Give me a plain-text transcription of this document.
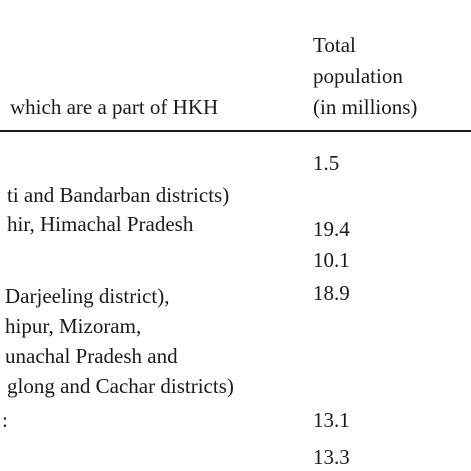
which are a part of HKH
Total
population
(in millions)
ti and Bandarban districts)
hir, Himachal Pradesh
Darjeeling district),
hipur, Mizoram,
unachal Pradesh and
glong and Cachar districts)
:
1.5
19.4
10.1
18.9
13.1
13.3
